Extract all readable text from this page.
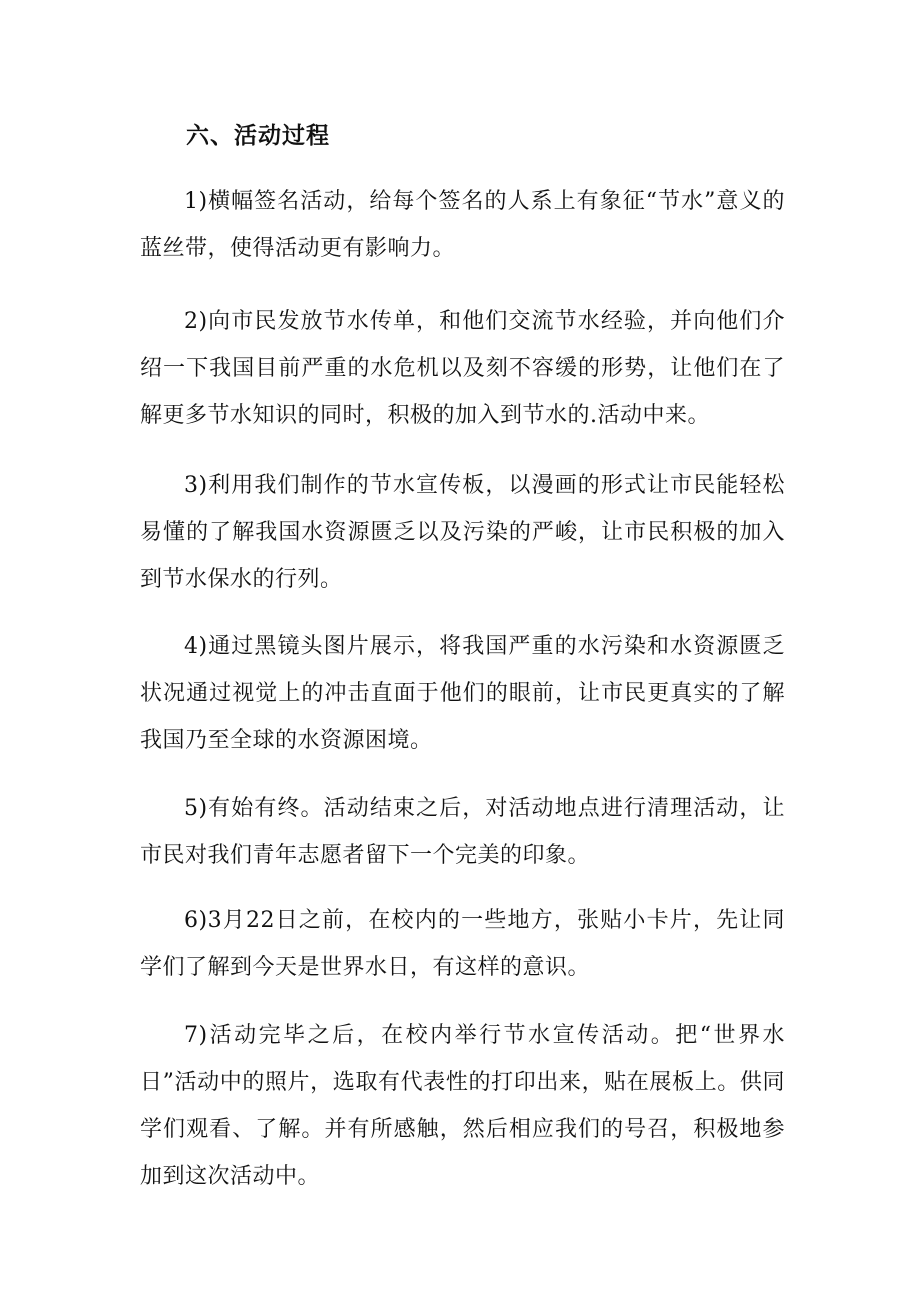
六、活动过程

1)横幅签名活动，给每个签名的人系上有象征“节水”意义的蓝丝带，使得活动更有影响力。

2)向市民发放节水传单，和他们交流节水经验，并向他们介绍一下我国目前严重的水危机以及刻不容缓的形势，让他们在了解更多节水知识的同时，积极的加入到节水的.活动中来。

3)利用我们制作的节水宣传板，以漫画的形式让市民能轻松易懂的了解我国水资源匮乏以及污染的严峻，让市民积极的加入到节水保水的行列。

4)通过黑镜头图片展示，将我国严重的水污染和水资源匮乏状况通过视觉上的冲击直面于他们的眼前，让市民更真实的了解我国乃至全球的水资源困境。

5)有始有终。活动结束之后，对活动地点进行清理活动，让市民对我们青年志愿者留下一个完美的印象。

6)3月22日之前，在校内的一些地方，张贴小卡片，先让同学们了解到今天是世界水日，有这样的意识。

7)活动完毕之后，在校内举行节水宣传活动。把“世界水日”活动中的照片，选取有代表性的打印出来，贴在展板上。供同学们观看、了解。并有所感触，然后相应我们的号召，积极地参加到这次活动中。
